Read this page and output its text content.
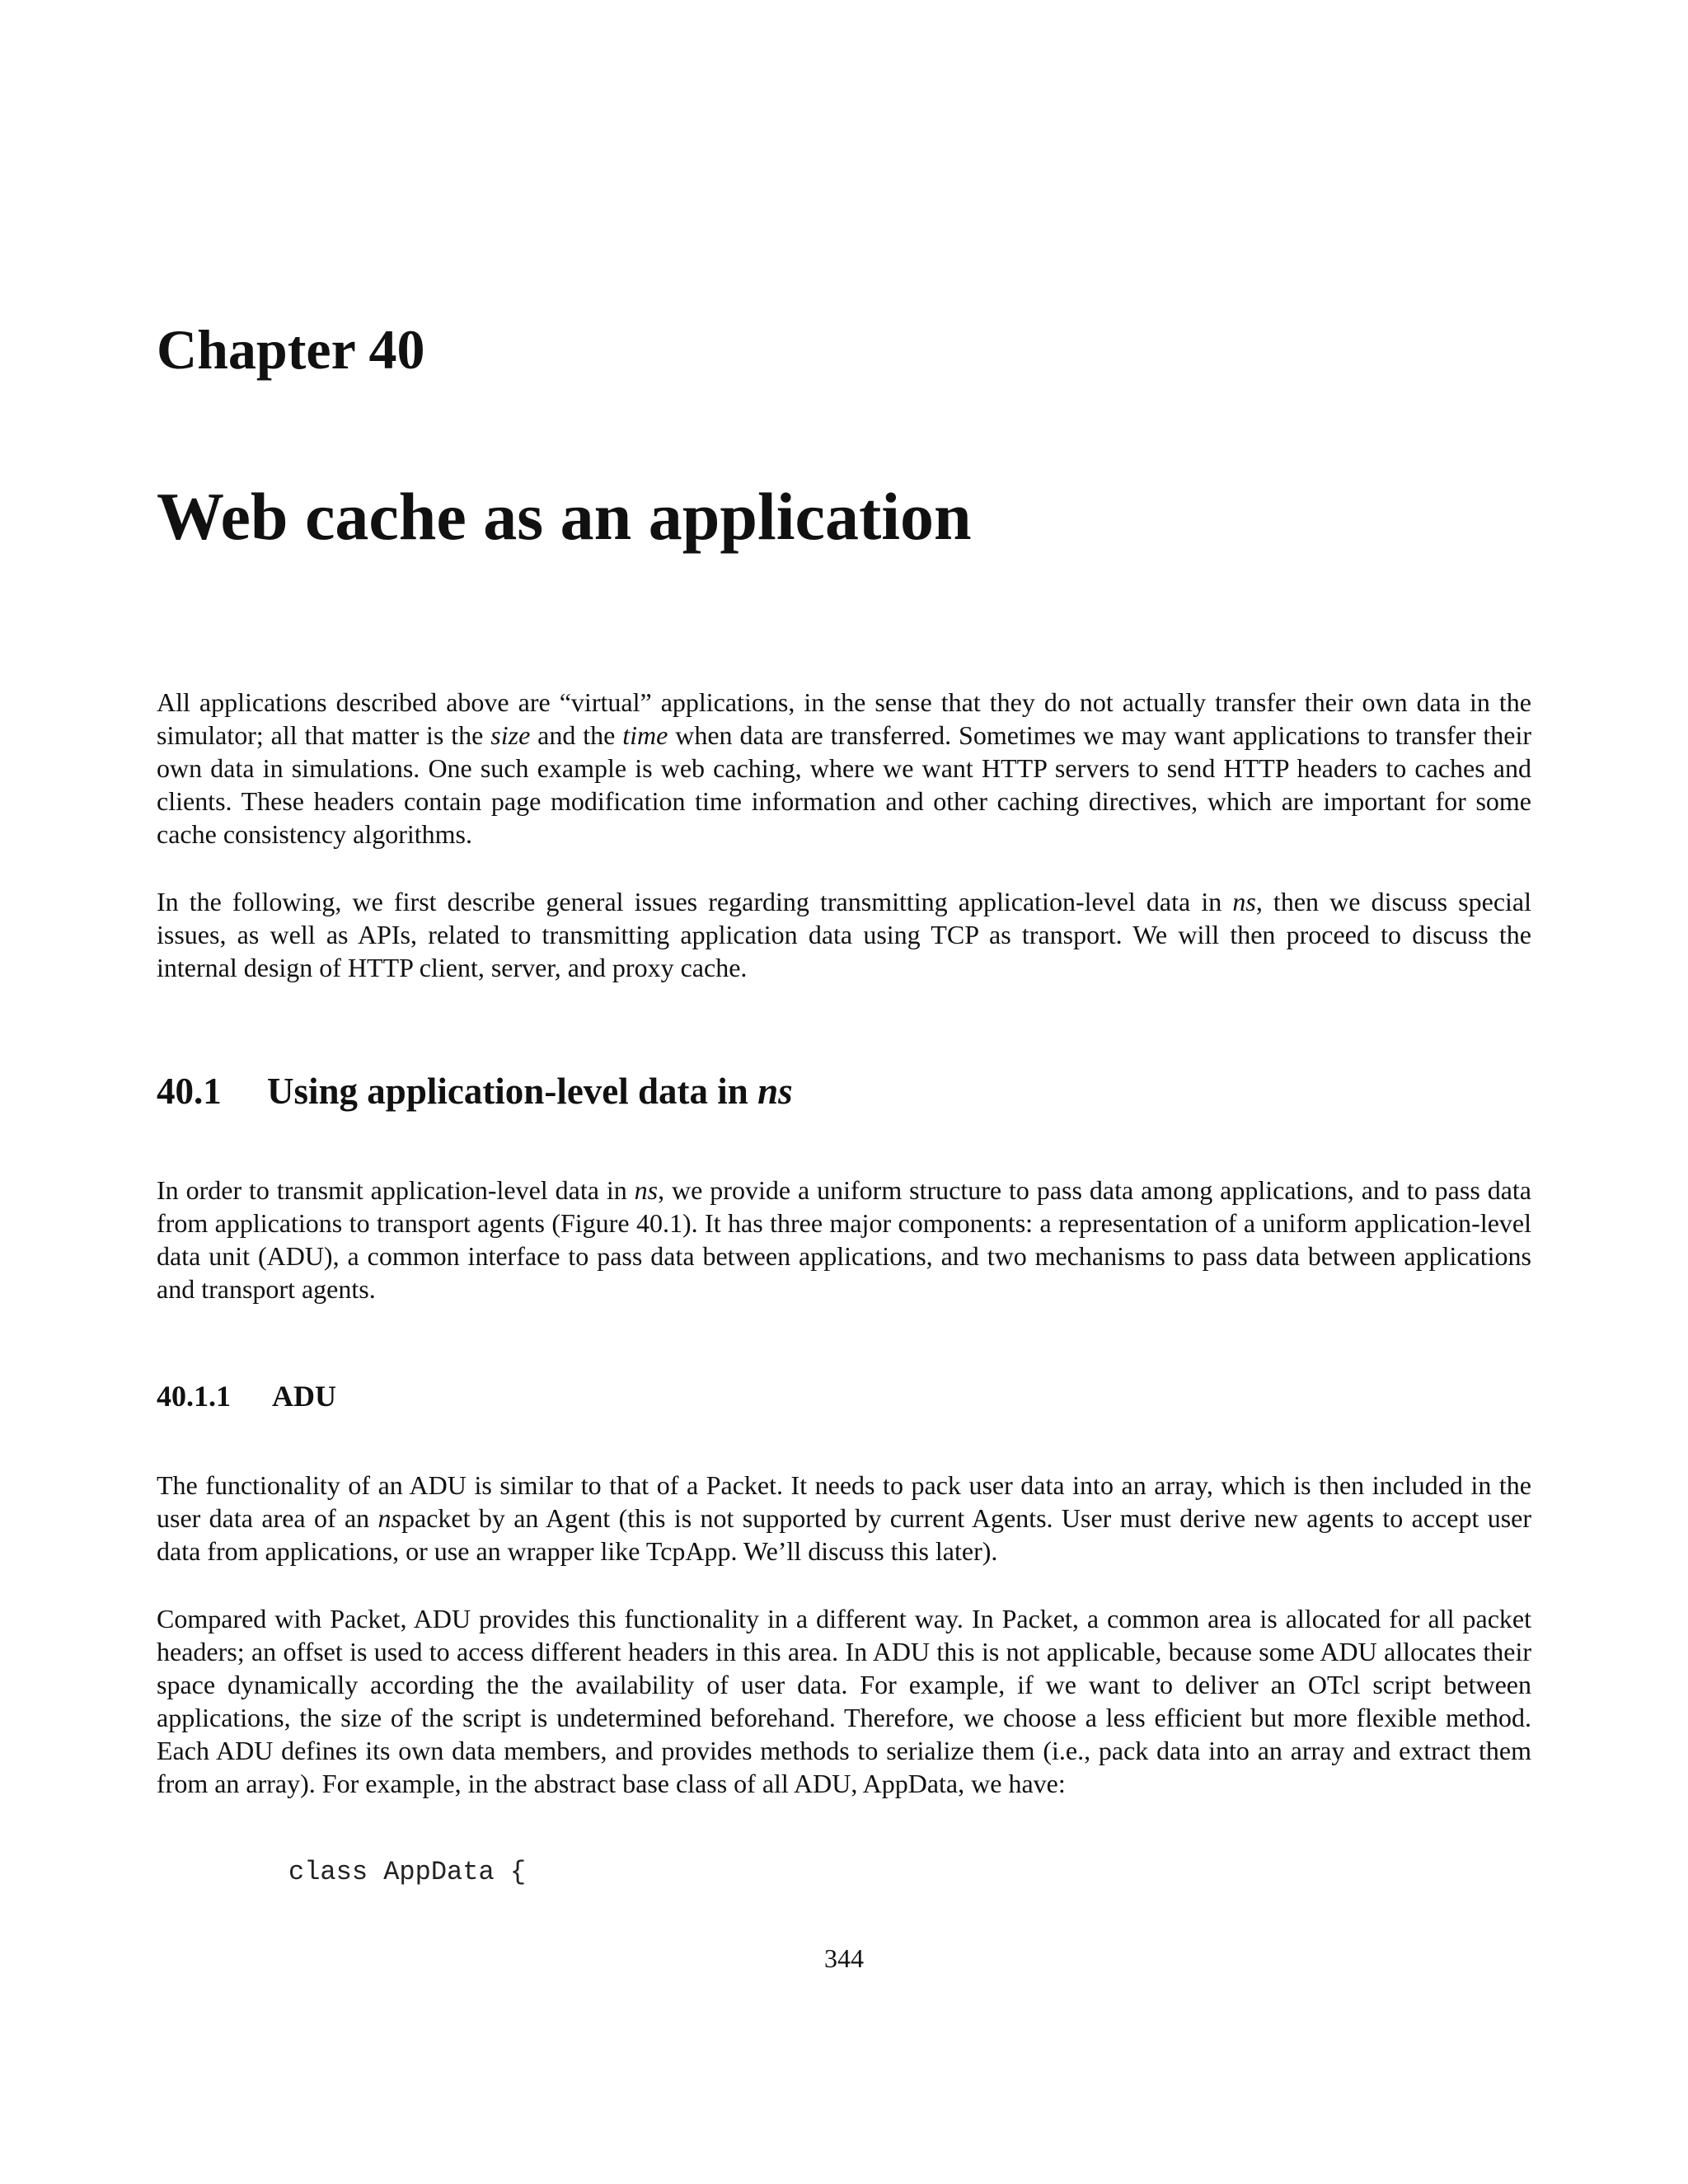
Chapter 40
Web cache as an application

All applications described above are “virtual” applications, in the sense that they do not actually transfer their own data in the simulator; all that matter is the size and the time when data are transferred. Sometimes we may want applications to transfer their own data in simulations. One such example is web caching, where we want HTTP servers to send HTTP headers to caches and clients. These headers contain page modification time information and other caching directives, which are important for some cache consistency algorithms.

In the following, we first describe general issues regarding transmitting application-level data in ns, then we discuss special issues, as well as APIs, related to transmitting application data using TCP as transport. We will then proceed to discuss the internal design of HTTP client, server, and proxy cache.

40.1 Using application-level data in ns

In order to transmit application-level data in ns, we provide a uniform structure to pass data among applications, and to pass data from applications to transport agents (Figure 40.1). It has three major components: a representation of a uniform application-level data unit (ADU), a common interface to pass data between applications, and two mechanisms to pass data between applications and transport agents.

40.1.1 ADU

The functionality of an ADU is similar to that of a Packet. It needs to pack user data into an array, which is then included in the user data area of an nspacket by an Agent (this is not supported by current Agents. User must derive new agents to accept user data from applications, or use an wrapper like TcpApp. We’ll discuss this later).

Compared with Packet, ADU provides this functionality in a different way. In Packet, a common area is allocated for all packet headers; an offset is used to access different headers in this area. In ADU this is not applicable, because some ADU allocates their space dynamically according the the availability of user data. For example, if we want to deliver an OTcl script between applications, the size of the script is undetermined beforehand. Therefore, we choose a less efficient but more flexible method. Each ADU defines its own data members, and provides methods to serialize them (i.e., pack data into an array and extract them from an array). For example, in the abstract base class of all ADU, AppData, we have:

class AppData {
344
